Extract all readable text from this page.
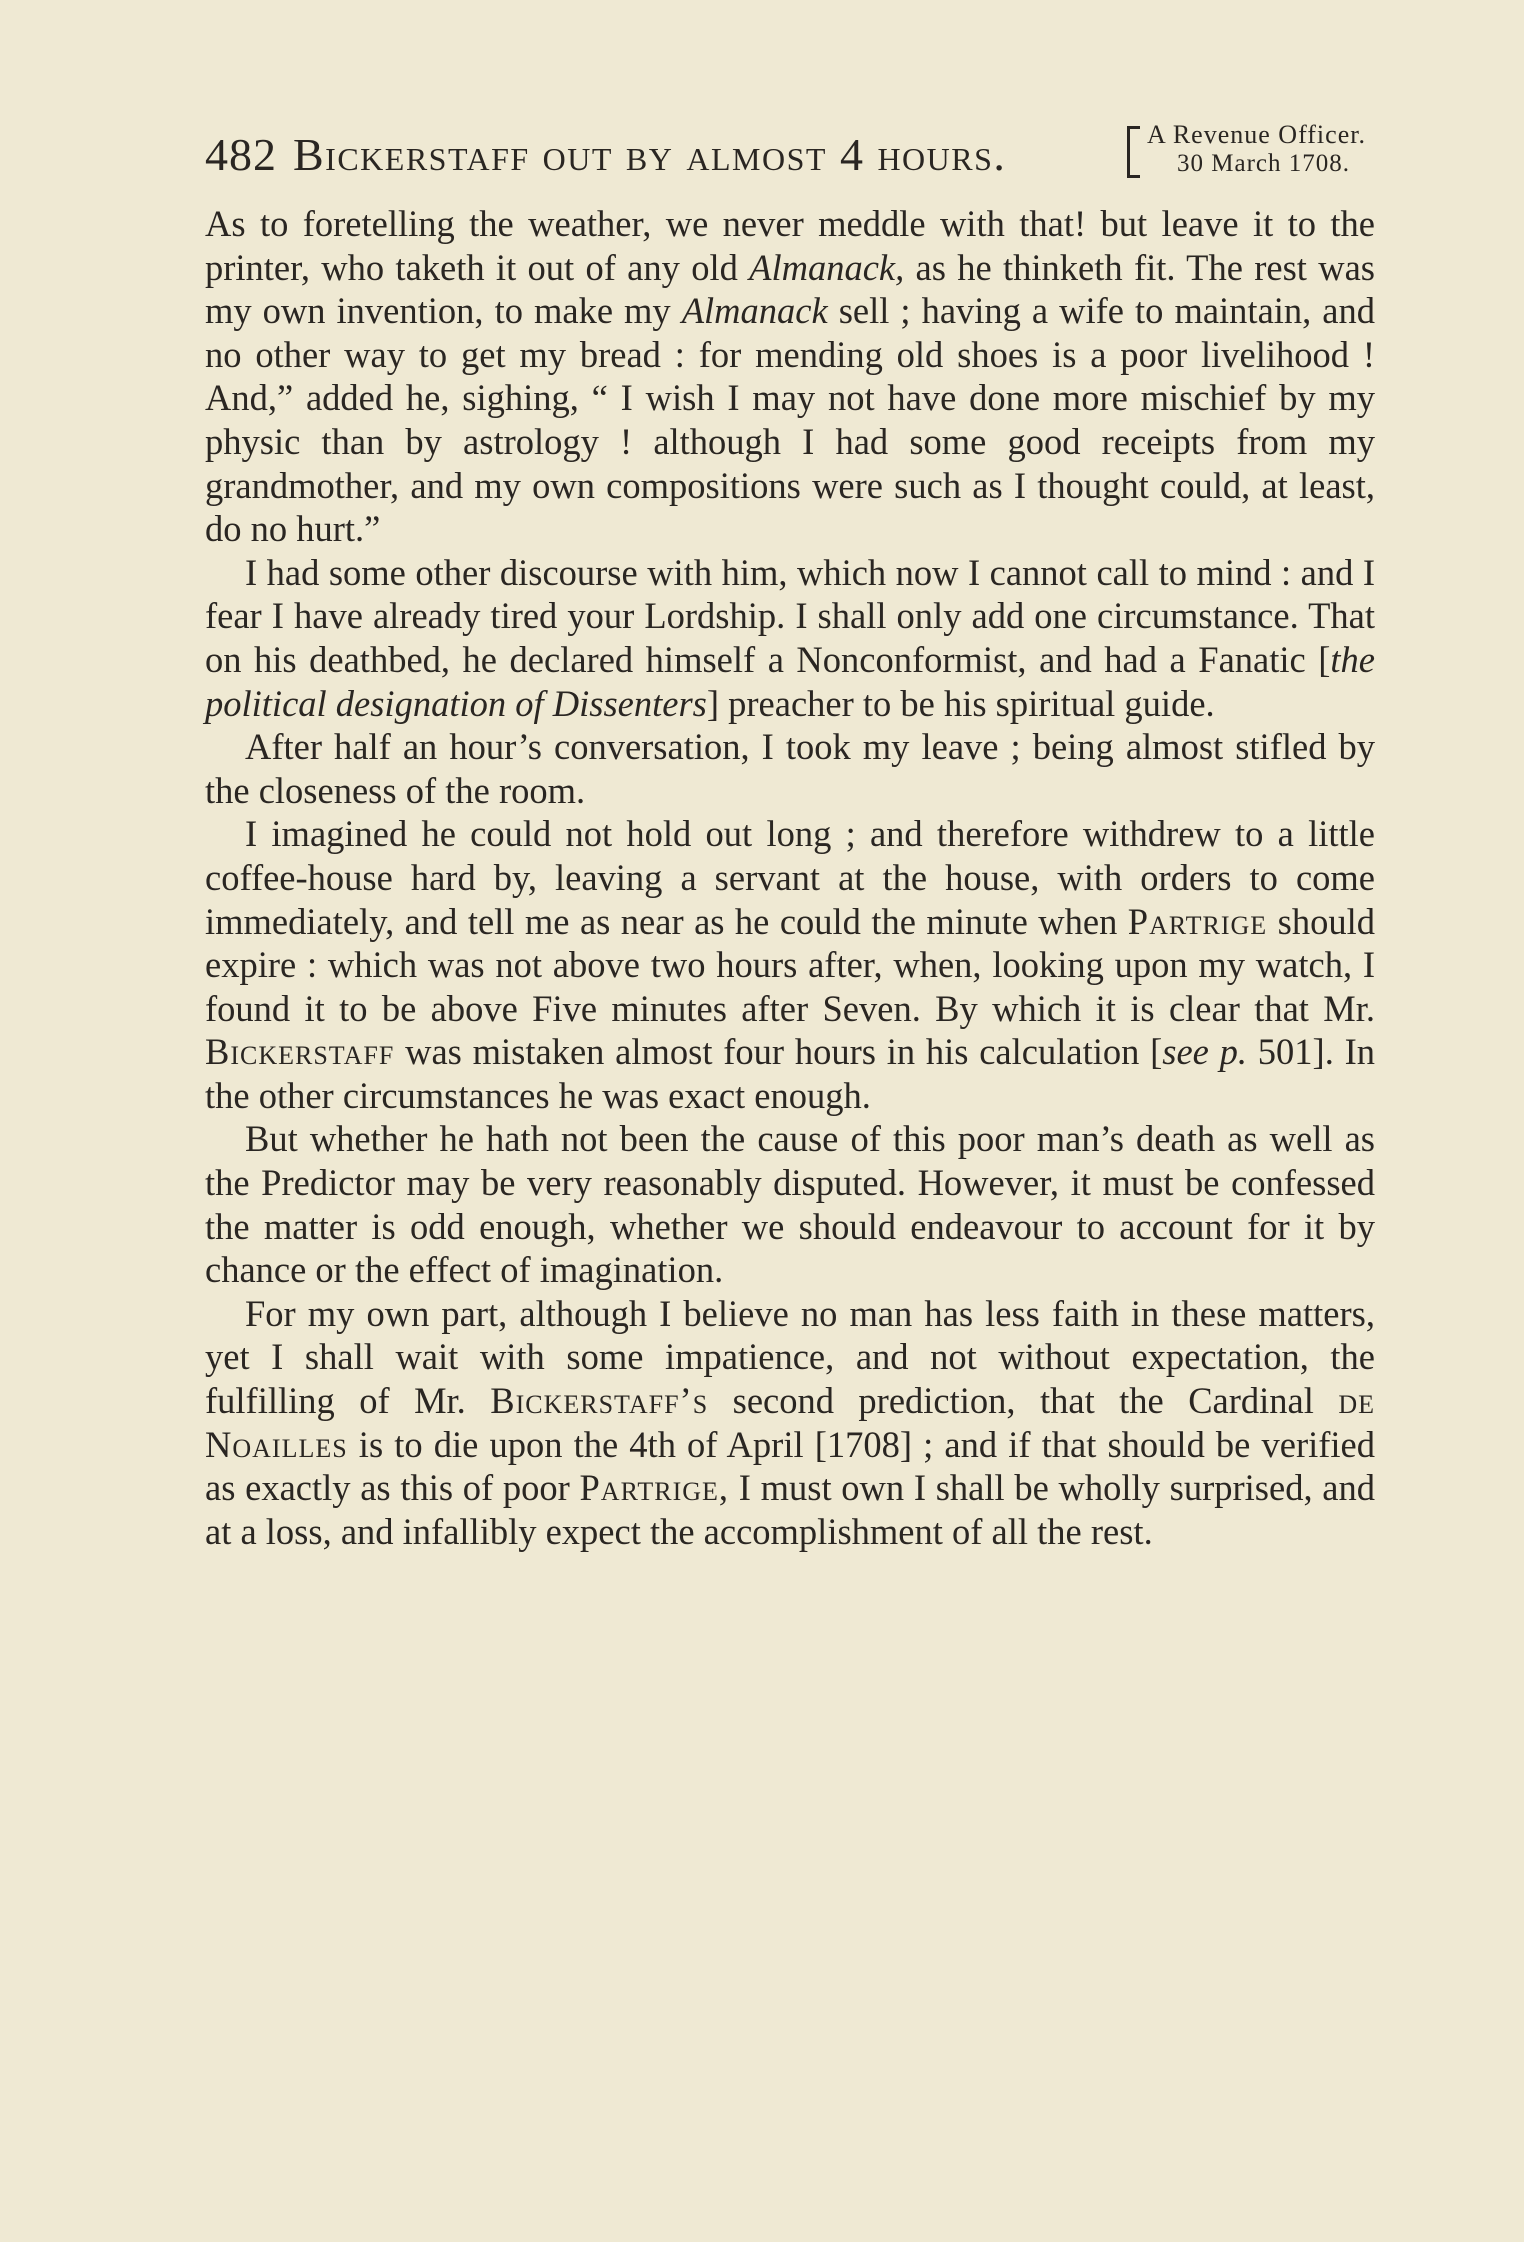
482 Bickerstaff out by almost 4 hours.	A Revenue Officer.
30 March 1708.

As to foretelling the weather, we never meddle with that! but leave it to the printer, who taketh it out of any old Almanack, as he thinketh fit. The rest was my own invention, to make my Almanack sell ; having a wife to maintain, and no other way to get my bread : for mending old shoes is a poor livelihood ! And,” added he, sighing, “ I wish I may not have done more mischief by my physic than by astrology ! although I had some good receipts from my grandmother, and my own compositions were such as I thought could, at least, do no hurt.”

I had some other discourse with him, which now I cannot call to mind : and I fear I have already tired your Lordship. I shall only add one circumstance. That on his deathbed, he declared himself a Nonconformist, and had a Fanatic [the political designation of Dissenters] preacher to be his spiritual guide.

After half an hour’s conversation, I took my leave ; being almost stifled by the closeness of the room.

I imagined he could not hold out long ; and therefore withdrew to a little coffee-house hard by, leaving a servant at the house, with orders to come immediately, and tell me as near as he could the minute when Partrige should expire : which was not above two hours after, when, looking upon my watch, I found it to be above Five minutes after Seven. By which it is clear that Mr. Bickerstaff was mistaken almost four hours in his calculation [see p. 501]. In the other circumstances he was exact enough.

But whether he hath not been the cause of this poor man’s death as well as the Predictor may be very reasonably disputed. However, it must be confessed the matter is odd enough, whether we should endeavour to account for it by chance or the effect of imagination.

For my own part, although I believe no man has less faith in these matters, yet I shall wait with some impatience, and not without expectation, the fulfilling of Mr. Bickerstaff’s second prediction, that the Cardinal de Noailles is to die upon the 4th of April [1708] ; and if that should be verified as exactly as this of poor Partrige, I must own I shall be wholly surprised, and at a loss, and infallibly expect the accomplishment of all the rest.
